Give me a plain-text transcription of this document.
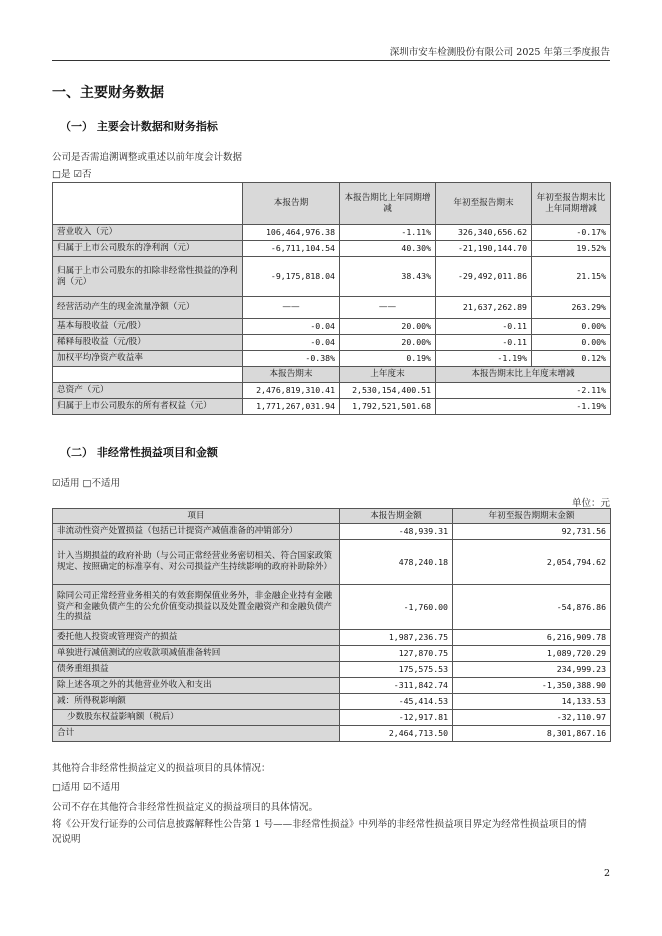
深圳市安车检测股份有限公司 2025 年第三季度报告
一、主要财务数据
（一） 主要会计数据和财务指标
公司是否需追溯调整或重述以前年度会计数据
□是 ☑否
	本报告期	本报告期比上年同期增减	年初至报告期末	年初至报告期末比上年同期增减
营业收入（元）	106,464,976.38	-1.11%	326,340,656.62	-0.17%
归属于上市公司股东的净利润（元）	-6,711,104.54	40.30%	-21,190,144.70	19.52%
归属于上市公司股东的扣除非经常性损益的净利润（元）	-9,175,818.04	38.43%	-29,492,011.86	21.15%
经营活动产生的现金流量净额（元）	——	——	21,637,262.89	263.29%
基本每股收益（元/股）	-0.04	20.00%	-0.11	0.00%
稀释每股收益（元/股）	-0.04	20.00%	-0.11	0.00%
加权平均净资产收益率	-0.38%	0.19%	-1.19%	0.12%
	本报告期末	上年度末	本报告期末比上年度末增减	
总资产（元）	2,476,819,310.41	2,530,154,400.51	-2.11%	
归属于上市公司股东的所有者权益（元）	1,771,267,031.94	1,792,521,501.68	-1.19%	
（二） 非经常性损益项目和金额
☑适用 □不适用
单位：元
项目	本报告期金额	年初至报告期期末金额
非流动性资产处置损益（包括已计提资产减值准备的冲销部分）	-48,939.31	92,731.56
计入当期损益的政府补助（与公司正常经营业务密切相关、符合国家政策规定、按照确定的标准享有、对公司损益产生持续影响的政府补助除外）	478,240.18	2,054,794.62
除同公司正常经营业务相关的有效套期保值业务外，非金融企业持有金融资产和金融负债产生的公允价值变动损益以及处置金融资产和金融负债产生的损益	-1,760.00	-54,876.86
委托他人投资或管理资产的损益	1,987,236.75	6,216,909.78
单独进行减值测试的应收款项减值准备转回	127,870.75	1,089,720.29
债务重组损益	175,575.53	234,999.23
除上述各项之外的其他营业外收入和支出	-311,842.74	-1,350,388.90
减：所得税影响额	-45,414.53	14,133.53
少数股东权益影响额（税后）	-12,917.81	-32,110.97
合计	2,464,713.50	8,301,867.16
其他符合非经常性损益定义的损益项目的具体情况：
□适用 ☑不适用
公司不存在其他符合非经常性损益定义的损益项目的具体情况。
将《公开发行证券的公司信息披露解释性公告第 1 号——非经常性损益》中列举的非经常性损益项目界定为经常性损益项目的情况说明
2
